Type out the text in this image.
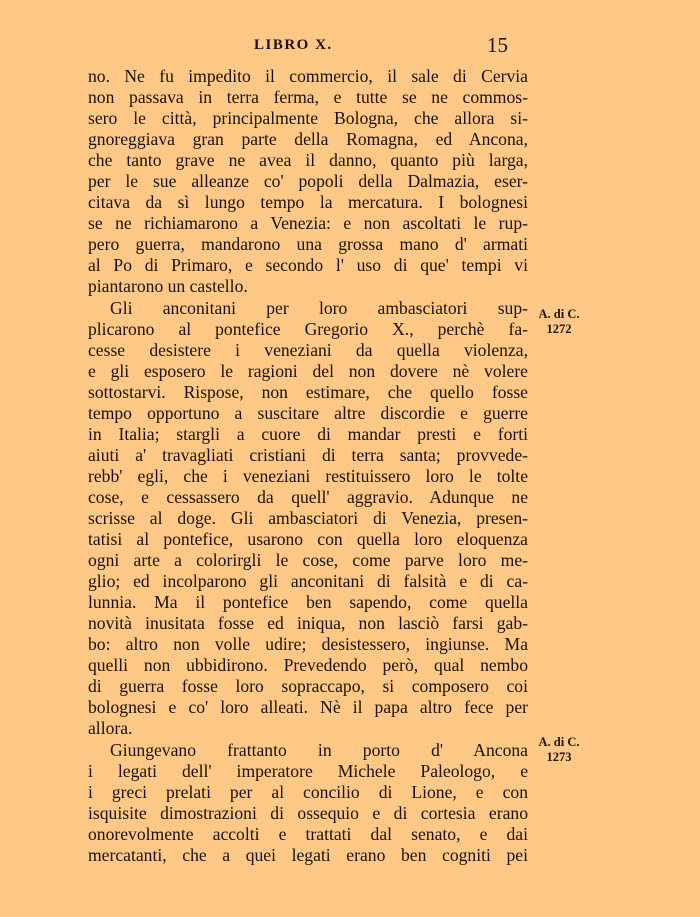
LIBRO X.	15
no. Ne fu impedito il commercio, il sale di Cervia
non passava in terra ferma, e tutte se ne commos-
sero le città, principalmente Bologna, che allora si-
gnoreggiava gran parte della Romagna, ed Ancona,
che tanto grave ne avea il danno, quanto più larga,
per le sue alleanze co' popoli della Dalmazia, eser-
citava da sì lungo tempo la mercatura. I bolognesi
se ne richiamarono a Venezia: e non ascoltati le rup-
pero guerra, mandarono una grossa mano d' armati
al Po di Primaro, e secondo l' uso di que' tempi vi
piantarono un castello.
Gli anconitani per loro ambasciatori sup-
plicarono al pontefice Gregorio X., perchè fa-
cesse desistere i veneziani da quella violenza,
e gli esposero le ragioni del non dovere nè volere
sottostarvi. Rispose, non estimare, che quello fosse
tempo opportuno a suscitare altre discordie e guerre
in Italia; stargli a cuore di mandar presti e forti
aiuti a' travagliati cristiani di terra santa; provvede-
rebb' egli, che i veneziani restituissero loro le tolte
cose, e cessassero da quell' aggravio. Adunque ne
scrisse al doge. Gli ambasciatori di Venezia, presen-
tatisi al pontefice, usarono con quella loro eloquenza
ogni arte a colorirgli le cose, come parve loro me-
glio; ed incolparono gli anconitani di falsità e di ca-
lunnia. Ma il pontefice ben sapendo, come quella
novità inusitata fosse ed iniqua, non lasciò farsi gab-
bo: altro non volle udire; desistessero, ingiunse. Ma
quelli non ubbidirono. Prevedendo però, qual nembo
di guerra fosse loro sopraccapo, si composero coi
bolognesi e co' loro alleati. Nè il papa altro fece per
allora.
Giungevano frattanto in porto d' Ancona
i legati dell' imperatore Michele Paleologo, e
i greci prelati per al concilio di Lione, e con
isquisite dimostrazioni di ossequio e di cortesia erano
onorevolmente accolti e trattati dal senato, e dai
mercatanti, che a quei legati erano ben cogniti pei
A. di C.
1272
A. di C.
1273
